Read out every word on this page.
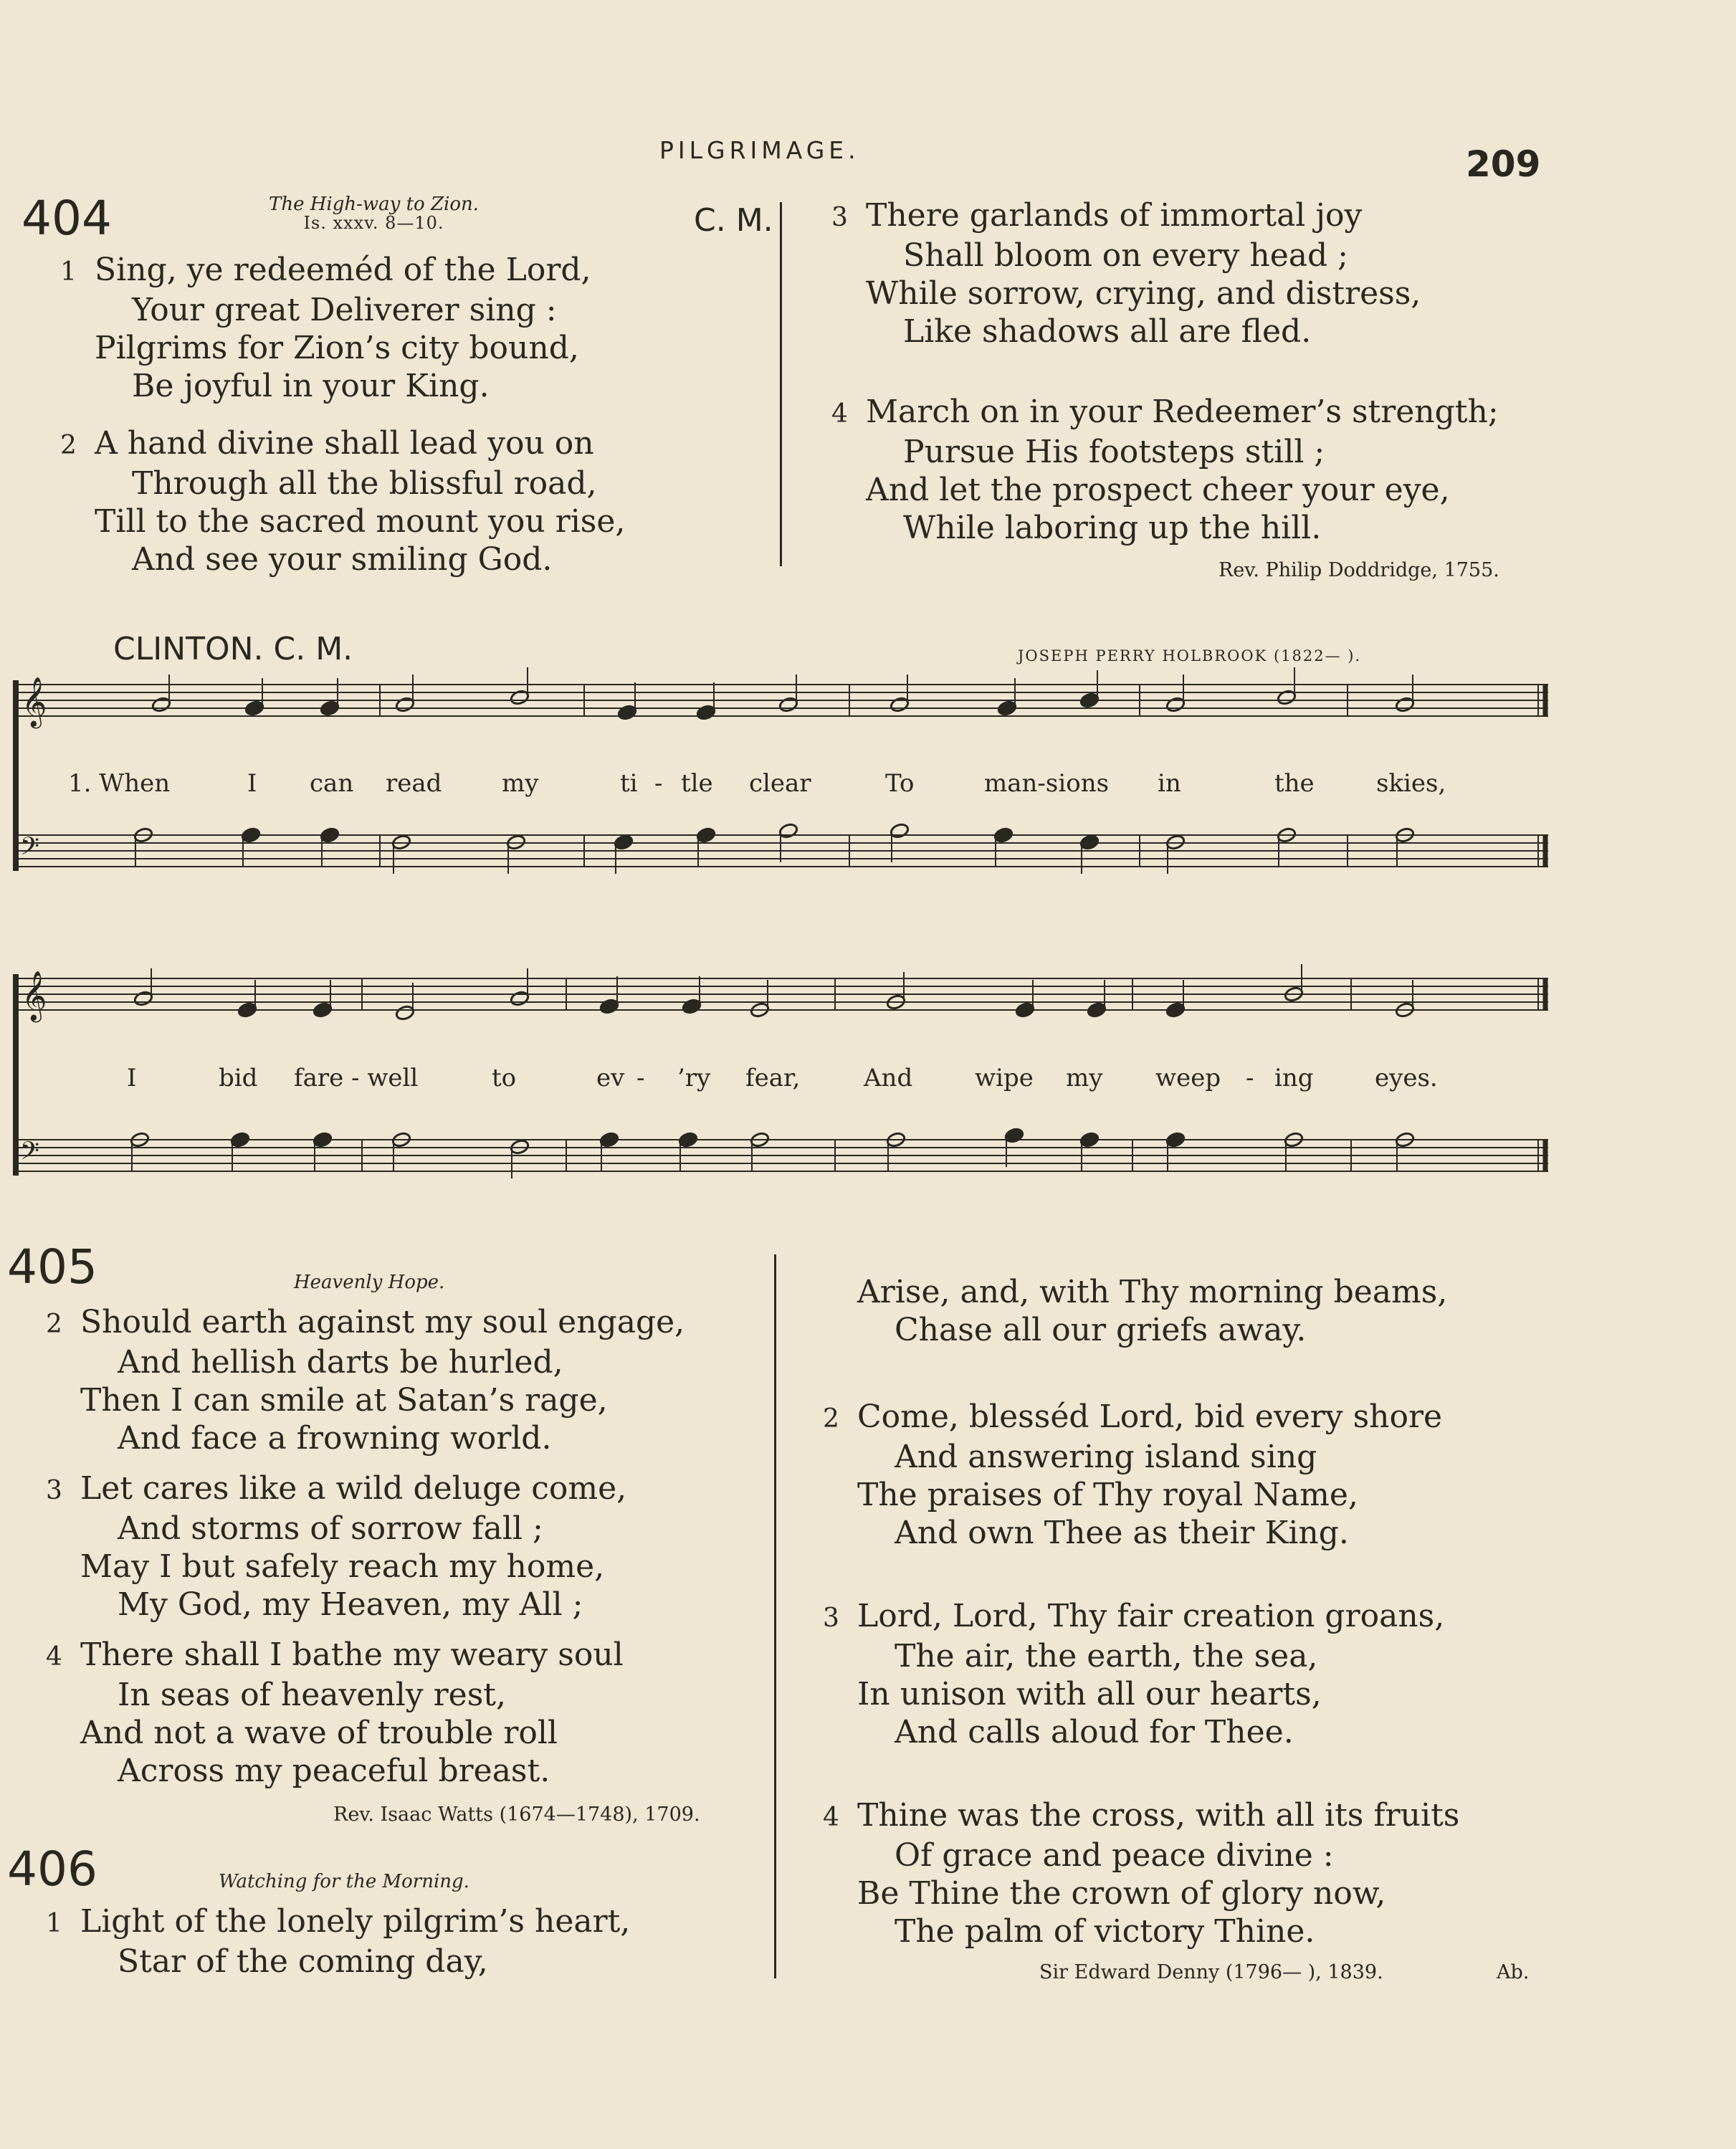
PILGRIMAGE.	209
404	The High-way to Zion.
Is. xxxv. 8—10.	C. M.
1 Sing, ye redeeméd of the Lord,
Your great Deliverer sing :
Pilgrims for Zion’s city bound,
Be joyful in your King.
2 A hand divine shall lead you on
Through all the blissful road,
Till to the sacred mount you rise,
And see your smiling God.
3 There garlands of immortal joy
Shall bloom on every head ;
While sorrow, crying, and distress,
Like shadows all are fled.
4 March on in your Redeemer’s strength;
Pursue His footsteps still ;
And let the prospect cheer your eye,
While laboring up the hill.
Rev. Philip Doddridge, 1755.
CLINTON. C. M.	JOSEPH PERRY HOLBROOK (1822— ).
𝄞
𝄢
𝄞
𝄢
1. When	I can read my	ti - tle clear	To	man-sions in	the	skies,
I	bid fare - well	to	ev - ’ry fear,	And	wipe my weep - ing	eyes.
405	Heavenly Hope.
2 Should earth against my soul engage,
And hellish darts be hurled,
Then I can smile at Satan’s rage,
And face a frowning world.
3 Let cares like a wild deluge come,
And storms of sorrow fall ;
May I but safely reach my home,
My God, my Heaven, my All ;
4 There shall I bathe my weary soul
In seas of heavenly rest,
And not a wave of trouble roll
Across my peaceful breast.
Rev. Isaac Watts (1674—1748), 1709.
406	Watching for the Morning.
1 Light of the lonely pilgrim’s heart,
Star of the coming day,
Arise, and, with Thy morning beams,
Chase all our griefs away.
2 Come, blesséd Lord, bid every shore
And answering island sing
The praises of Thy royal Name,
And own Thee as their King.
3 Lord, Lord, Thy fair creation groans,
The air, the earth, the sea,
In unison with all our hearts,
And calls aloud for Thee.
4 Thine was the cross, with all its fruits
Of grace and peace divine :
Be Thine the crown of glory now,
The palm of victory Thine.
Sir Edward Denny (1796— ), 1839.	Ab.
